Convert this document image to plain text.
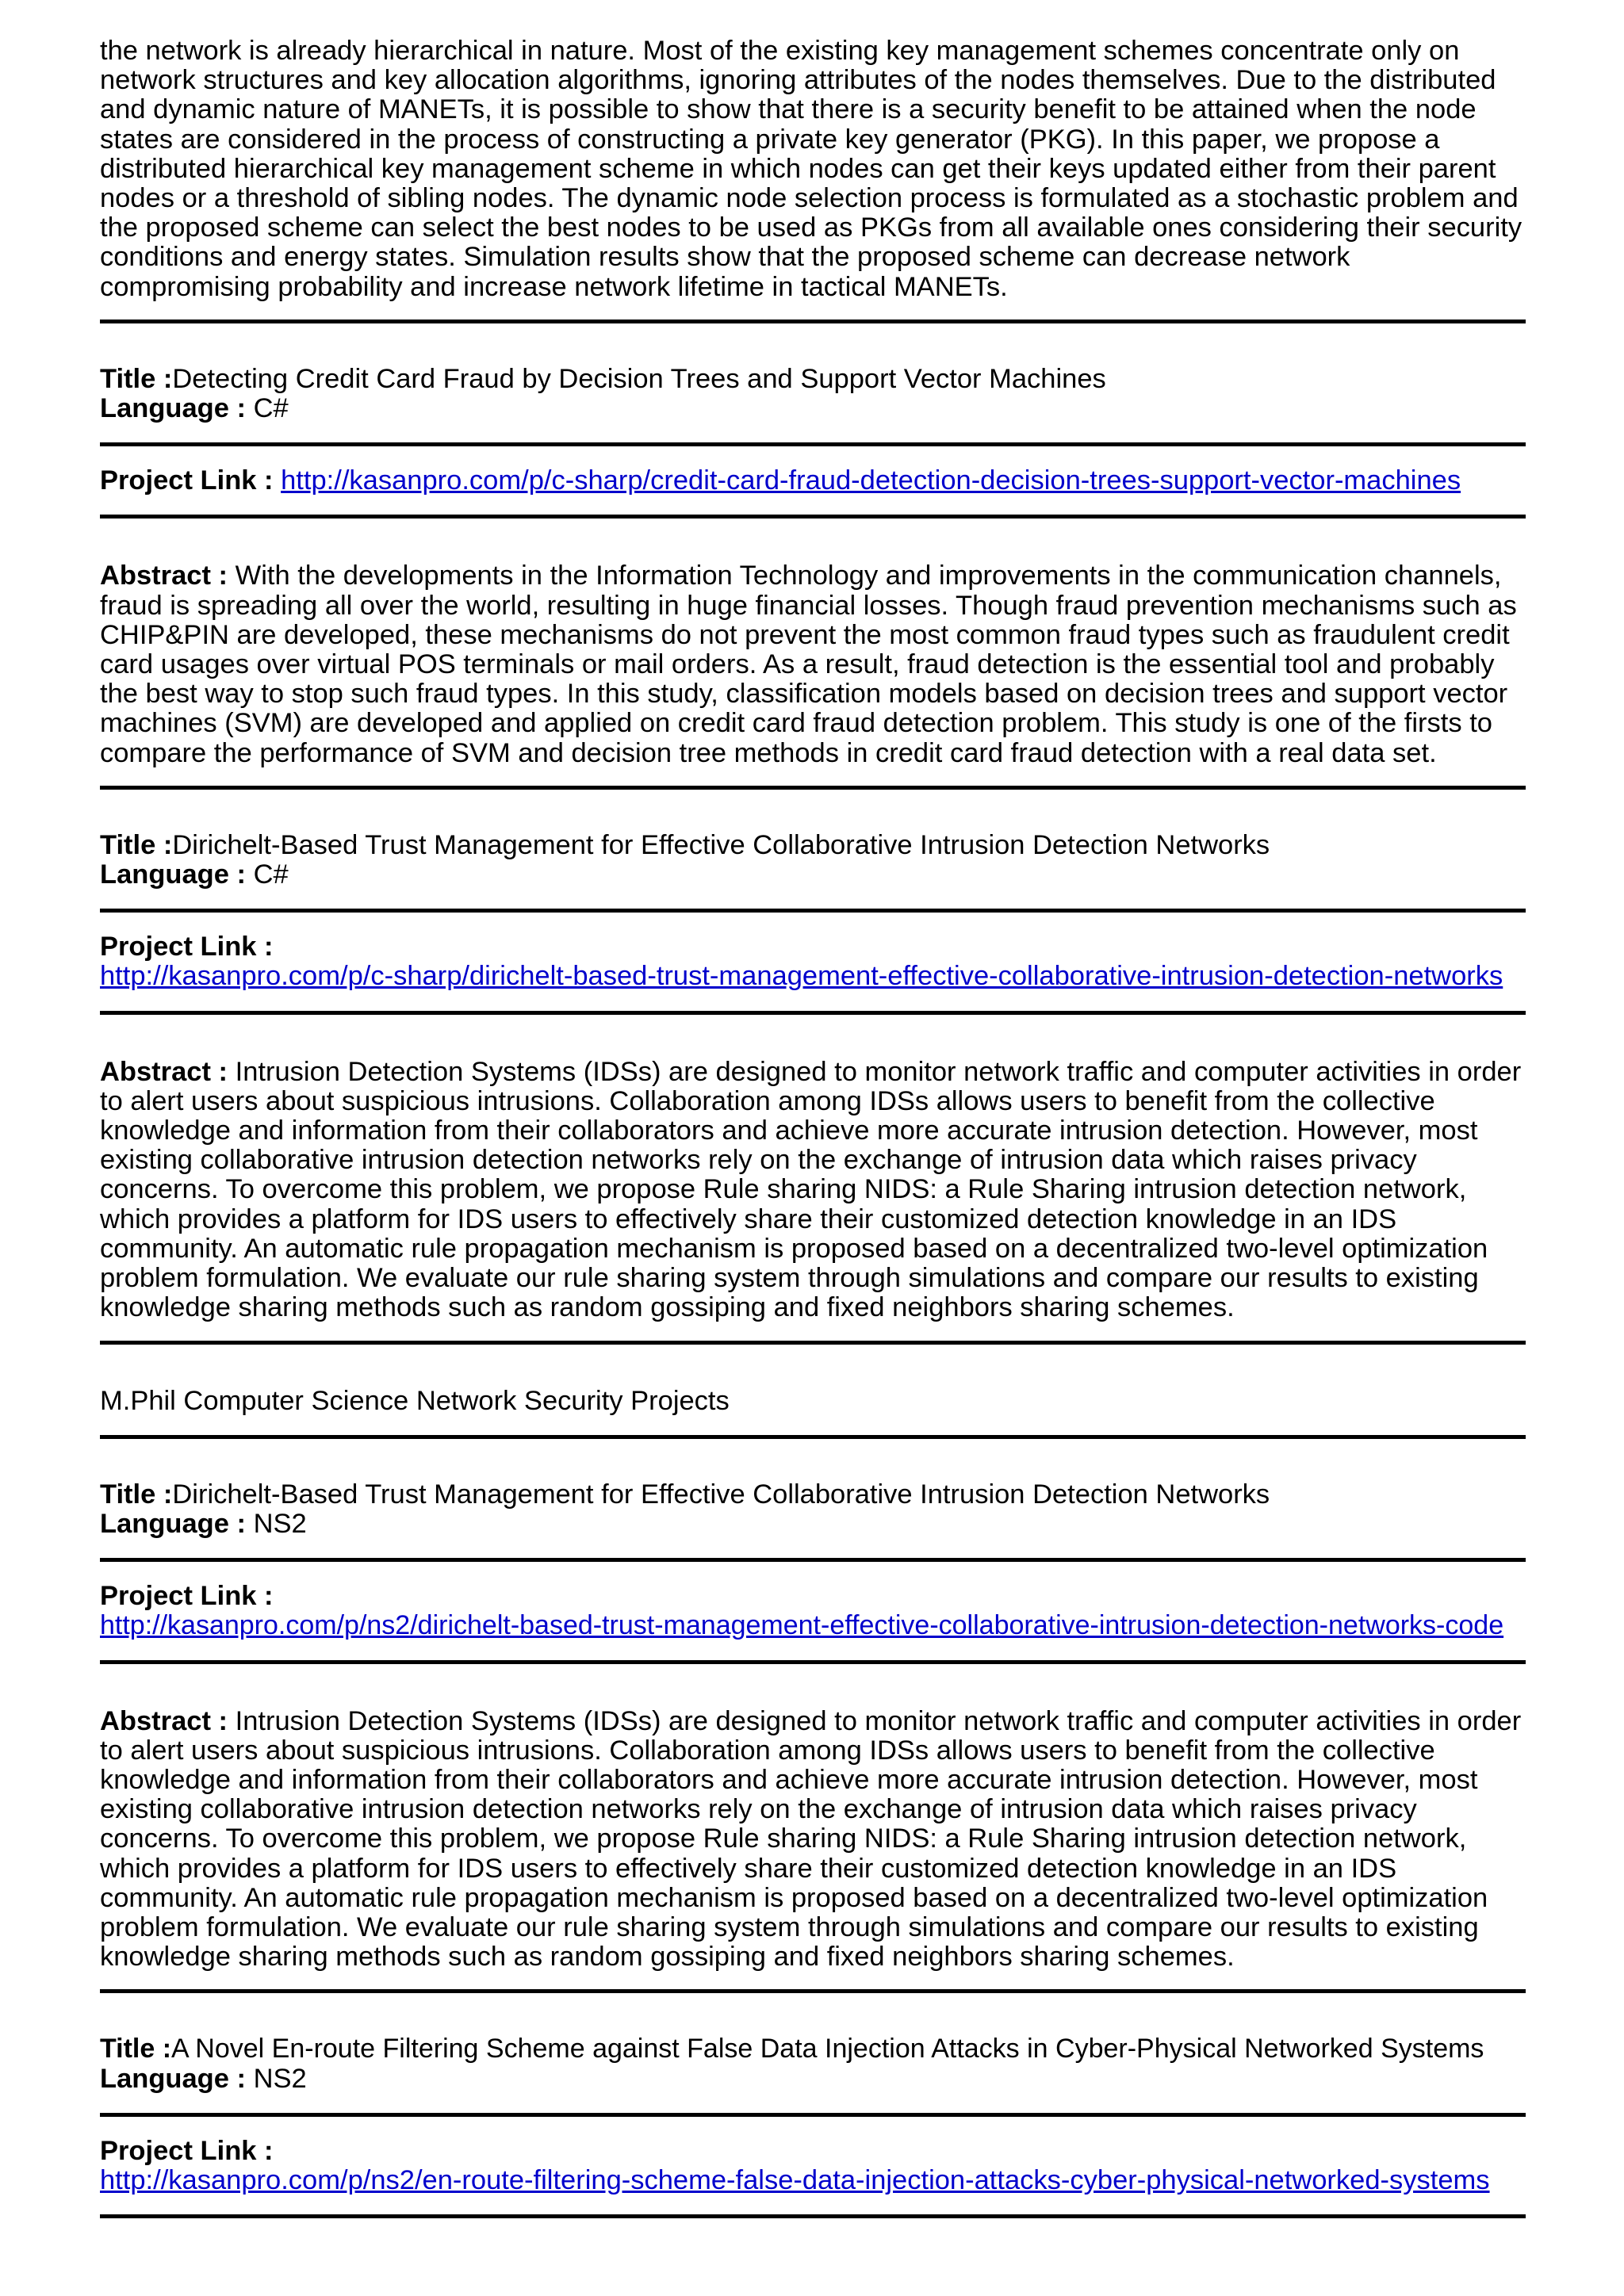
the network is already hierarchical in nature. Most of the existing key management schemes concentrate only on network structures and key allocation algorithms, ignoring attributes of the nodes themselves. Due to the distributed and dynamic nature of MANETs, it is possible to show that there is a security benefit to be attained when the node states are considered in the process of constructing a private key generator (PKG). In this paper, we propose a distributed hierarchical key management scheme in which nodes can get their keys updated either from their parent nodes or a threshold of sibling nodes. The dynamic node selection process is formulated as a stochastic problem and the proposed scheme can select the best nodes to be used as PKGs from all available ones considering their security conditions and energy states. Simulation results show that the proposed scheme can decrease network compromising probability and increase network lifetime in tactical MANETs.
Title :Detecting Credit Card Fraud by Decision Trees and Support Vector Machines
Language : C#
Project Link : http://kasanpro.com/p/c-sharp/credit-card-fraud-detection-decision-trees-support-vector-machines
Abstract : With the developments in the Information Technology and improvements in the communication channels, fraud is spreading all over the world, resulting in huge financial losses. Though fraud prevention mechanisms such as CHIP&PIN are developed, these mechanisms do not prevent the most common fraud types such as fraudulent credit card usages over virtual POS terminals or mail orders. As a result, fraud detection is the essential tool and probably the best way to stop such fraud types. In this study, classification models based on decision trees and support vector machines (SVM) are developed and applied on credit card fraud detection problem. This study is one of the firsts to compare the performance of SVM and decision tree methods in credit card fraud detection with a real data set.
Title :Dirichelt-Based Trust Management for Effective Collaborative Intrusion Detection Networks
Language : C#
Project Link :
http://kasanpro.com/p/c-sharp/dirichelt-based-trust-management-effective-collaborative-intrusion-detection-networks
Abstract : Intrusion Detection Systems (IDSs) are designed to monitor network traffic and computer activities in order to alert users about suspicious intrusions. Collaboration among IDSs allows users to benefit from the collective knowledge and information from their collaborators and achieve more accurate intrusion detection. However, most existing collaborative intrusion detection networks rely on the exchange of intrusion data which raises privacy concerns. To overcome this problem, we propose Rule sharing NIDS: a Rule Sharing intrusion detection network, which provides a platform for IDS users to effectively share their customized detection knowledge in an IDS community. An automatic rule propagation mechanism is proposed based on a decentralized two-level optimization problem formulation. We evaluate our rule sharing system through simulations and compare our results to existing knowledge sharing methods such as random gossiping and fixed neighbors sharing schemes.
M.Phil Computer Science Network Security Projects
Title :Dirichelt-Based Trust Management for Effective Collaborative Intrusion Detection Networks
Language : NS2
Project Link :
http://kasanpro.com/p/ns2/dirichelt-based-trust-management-effective-collaborative-intrusion-detection-networks-code
Abstract : Intrusion Detection Systems (IDSs) are designed to monitor network traffic and computer activities in order to alert users about suspicious intrusions. Collaboration among IDSs allows users to benefit from the collective knowledge and information from their collaborators and achieve more accurate intrusion detection. However, most existing collaborative intrusion detection networks rely on the exchange of intrusion data which raises privacy concerns. To overcome this problem, we propose Rule sharing NIDS: a Rule Sharing intrusion detection network, which provides a platform for IDS users to effectively share their customized detection knowledge in an IDS community. An automatic rule propagation mechanism is proposed based on a decentralized two-level optimization problem formulation. We evaluate our rule sharing system through simulations and compare our results to existing knowledge sharing methods such as random gossiping and fixed neighbors sharing schemes.
Title :A Novel En-route Filtering Scheme against False Data Injection Attacks in Cyber-Physical Networked Systems
Language : NS2
Project Link :
http://kasanpro.com/p/ns2/en-route-filtering-scheme-false-data-injection-attacks-cyber-physical-networked-systems
